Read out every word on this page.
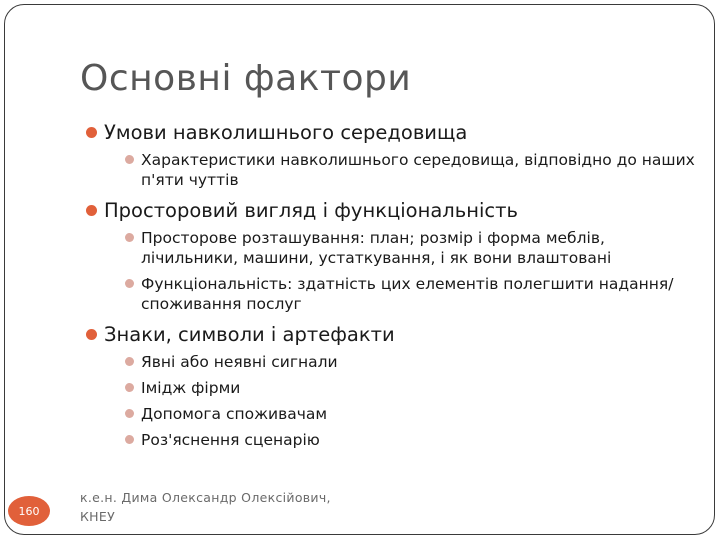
Основні фактори
Умови навколишнього середовища
Характеристики навколишнього середовища, відповідно до наших п'яти чуттів
Просторовий вигляд і функціональність
Просторове розташування: план; розмір і форма меблів, лічильники, машини, устаткування, і як вони влаштовані
Функціональність: здатність цих елементів полегшити надання/споживання послуг
Знаки, символи і артефакти
Явні або неявні сигнали
Імідж фірми
Допомога споживачам
Роз'яснення сценарію
160
к.е.н. Дима Олександр Олексійович,
КНЕУ
